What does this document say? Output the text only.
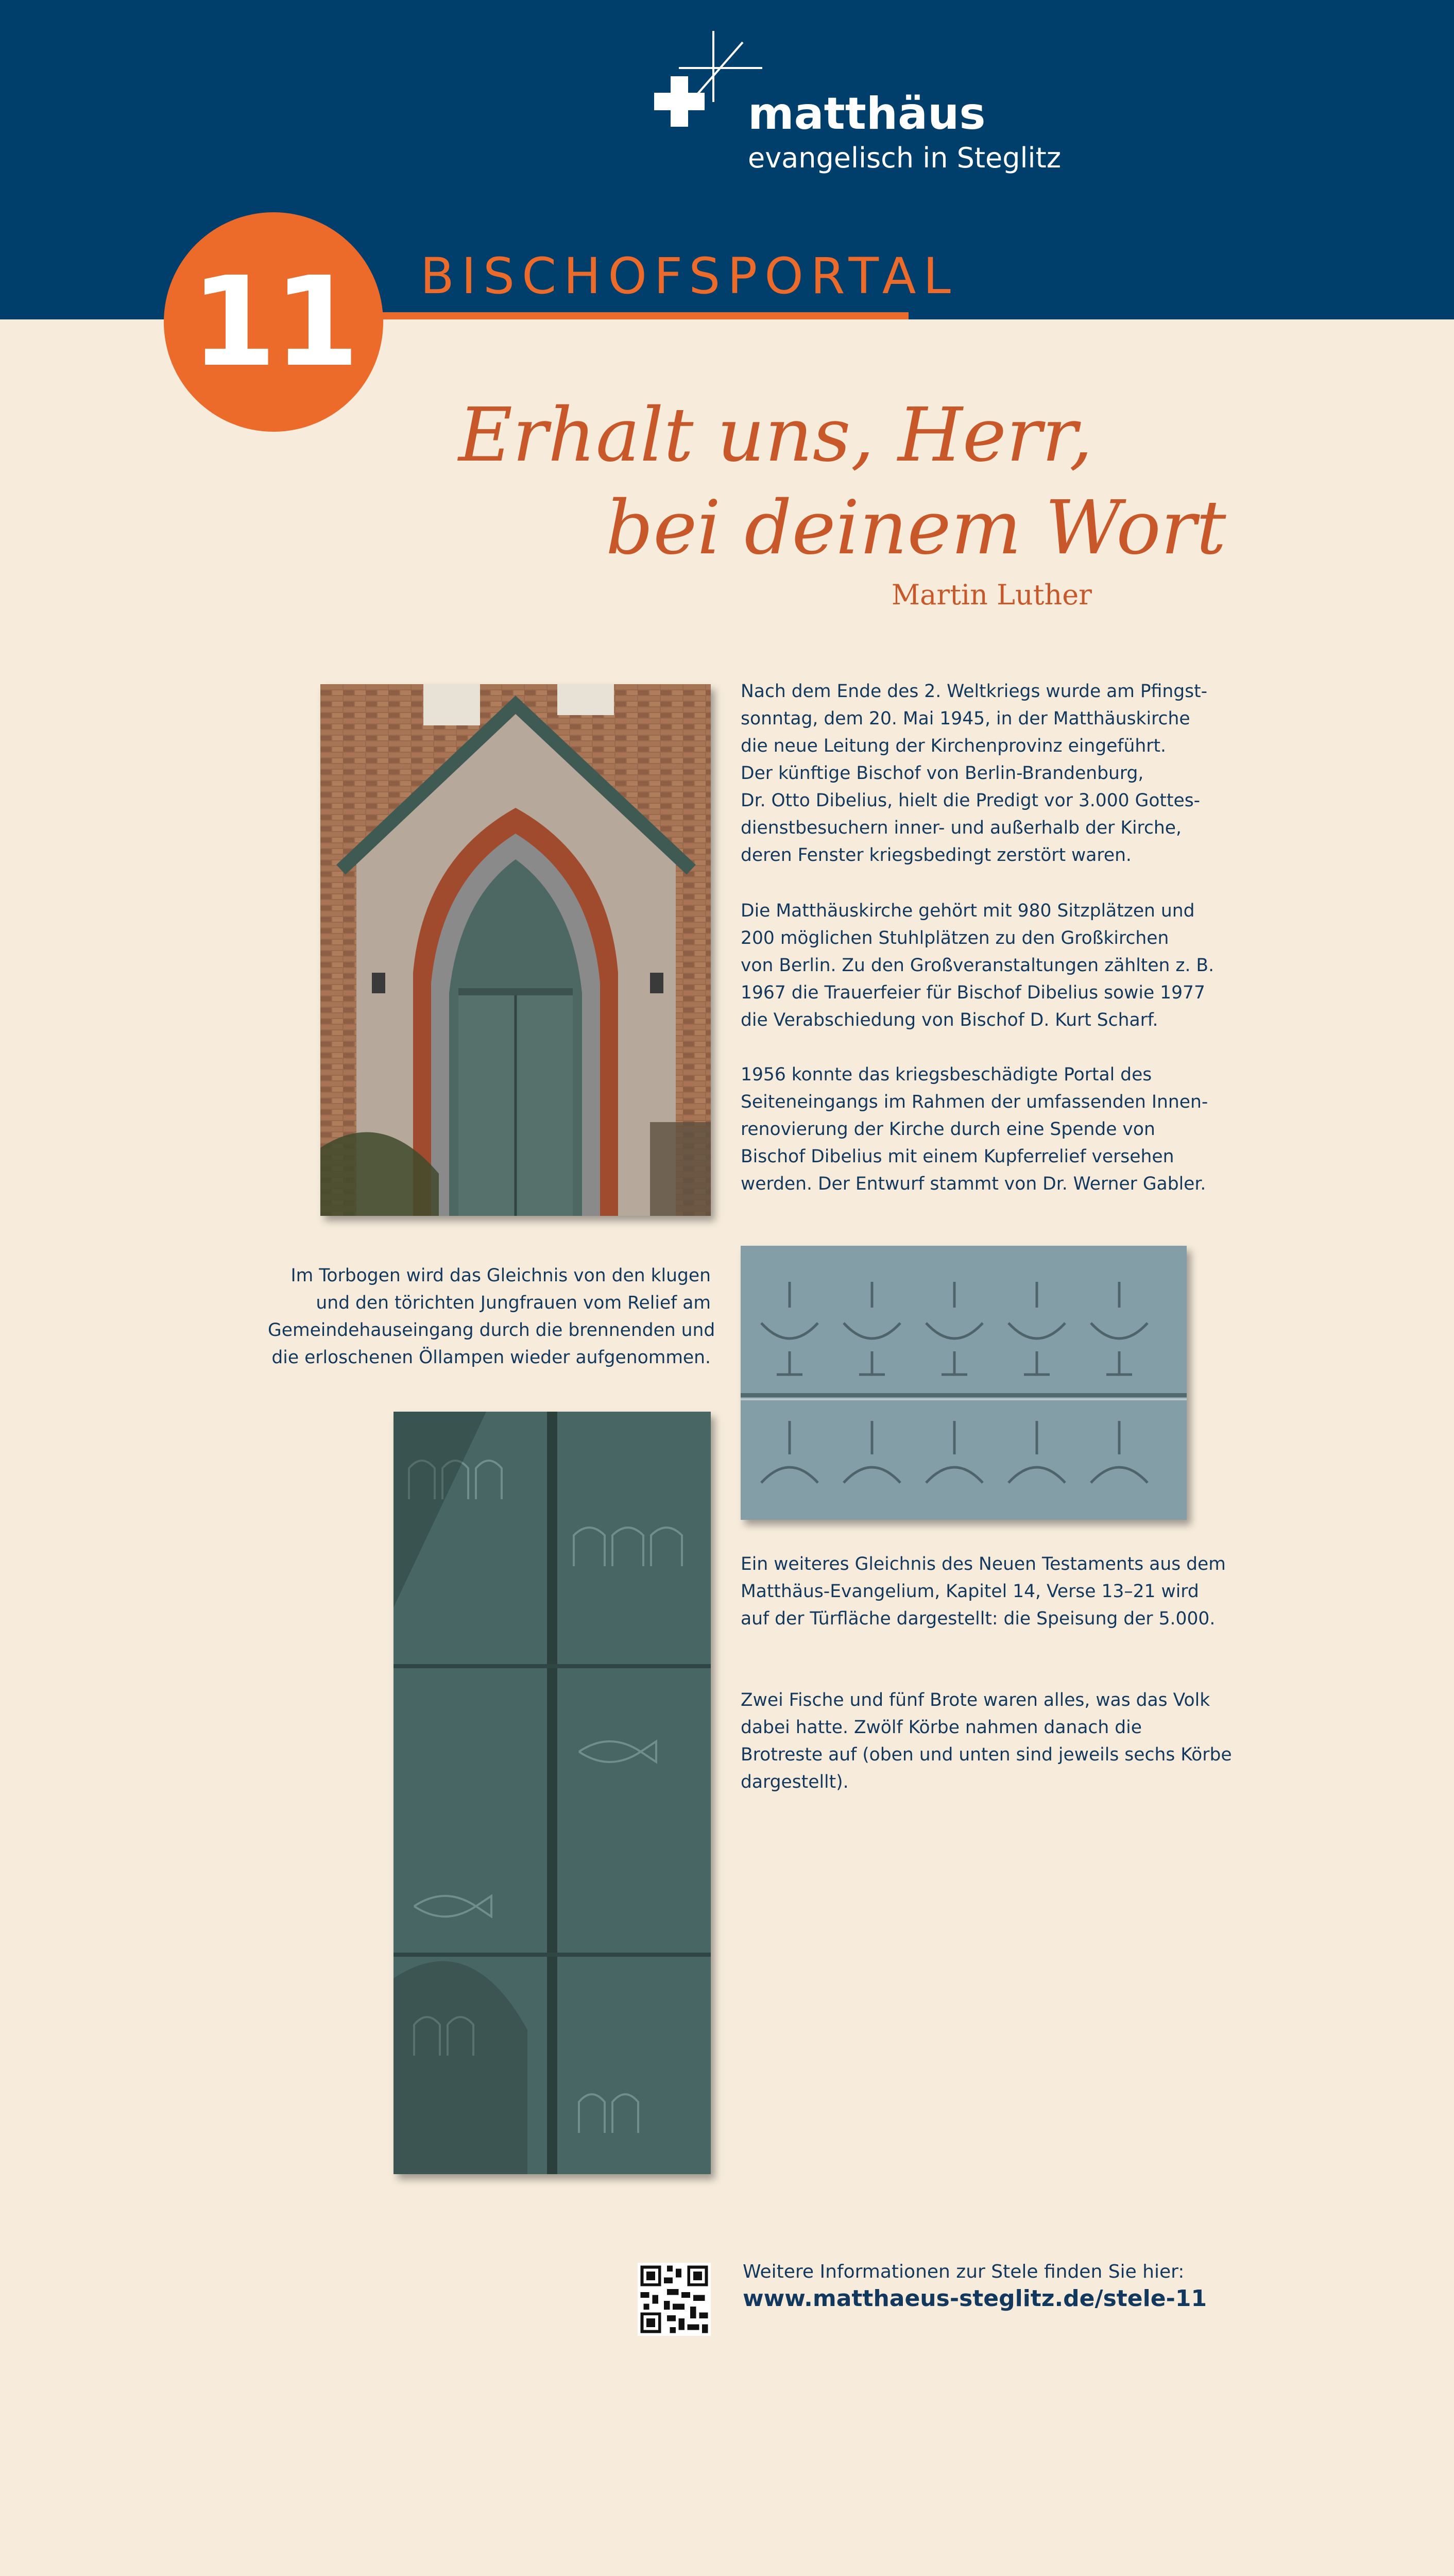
matthäus
evangelisch in Steglitz
BISCHOFSPORTAL
11
Erhalt uns, Herr,
bei deinem Wort
Martin Luther

Nach dem Ende des 2. Weltkriegs wurde am Pfingst-
sonntag, dem 20. Mai 1945, in der Matthäuskirche
die neue Leitung der Kirchenprovinz eingeführt.
Der künftige Bischof von Berlin-Brandenburg,
Dr. Otto Dibelius, hielt die Predigt vor 3.000 Gottes-
dienstbesuchern inner- und außerhalb der Kirche,
deren Fenster kriegsbedingt zerstört waren.

Die Matthäuskirche gehört mit 980 Sitzplätzen und
200 möglichen Stuhlplätzen zu den Großkirchen
von Berlin. Zu den Großveranstaltungen zählten z. B.
1967 die Trauerfeier für Bischof Dibelius sowie 1977
die Verabschiedung von Bischof D. Kurt Scharf.

1956 konnte das kriegsbeschädigte Portal des
Seiteneingangs im Rahmen der umfassenden Innen-
renovierung der Kirche durch eine Spende von
Bischof Dibelius mit einem Kupferrelief versehen
werden. Der Entwurf stammt von Dr. Werner Gabler.

Im Torbogen wird das Gleichnis von den klugen
und den törichten Jungfrauen vom Relief am
Gemeindehauseingang durch die brennenden und
die erloschenen Öllampen wieder aufgenommen.

Ein weiteres Gleichnis des Neuen Testaments aus dem
Matthäus-Evangelium, Kapitel 14, Verse 13–21 wird
auf der Türfläche dargestellt: die Speisung der 5.000.

Zwei Fische und fünf Brote waren alles, was das Volk
dabei hatte. Zwölf Körbe nahmen danach die
Brotreste auf (oben und unten sind jeweils sechs Körbe
dargestellt).

Weitere Informationen zur Stele finden Sie hier:
www.matthaeus-steglitz.de/stele-11
